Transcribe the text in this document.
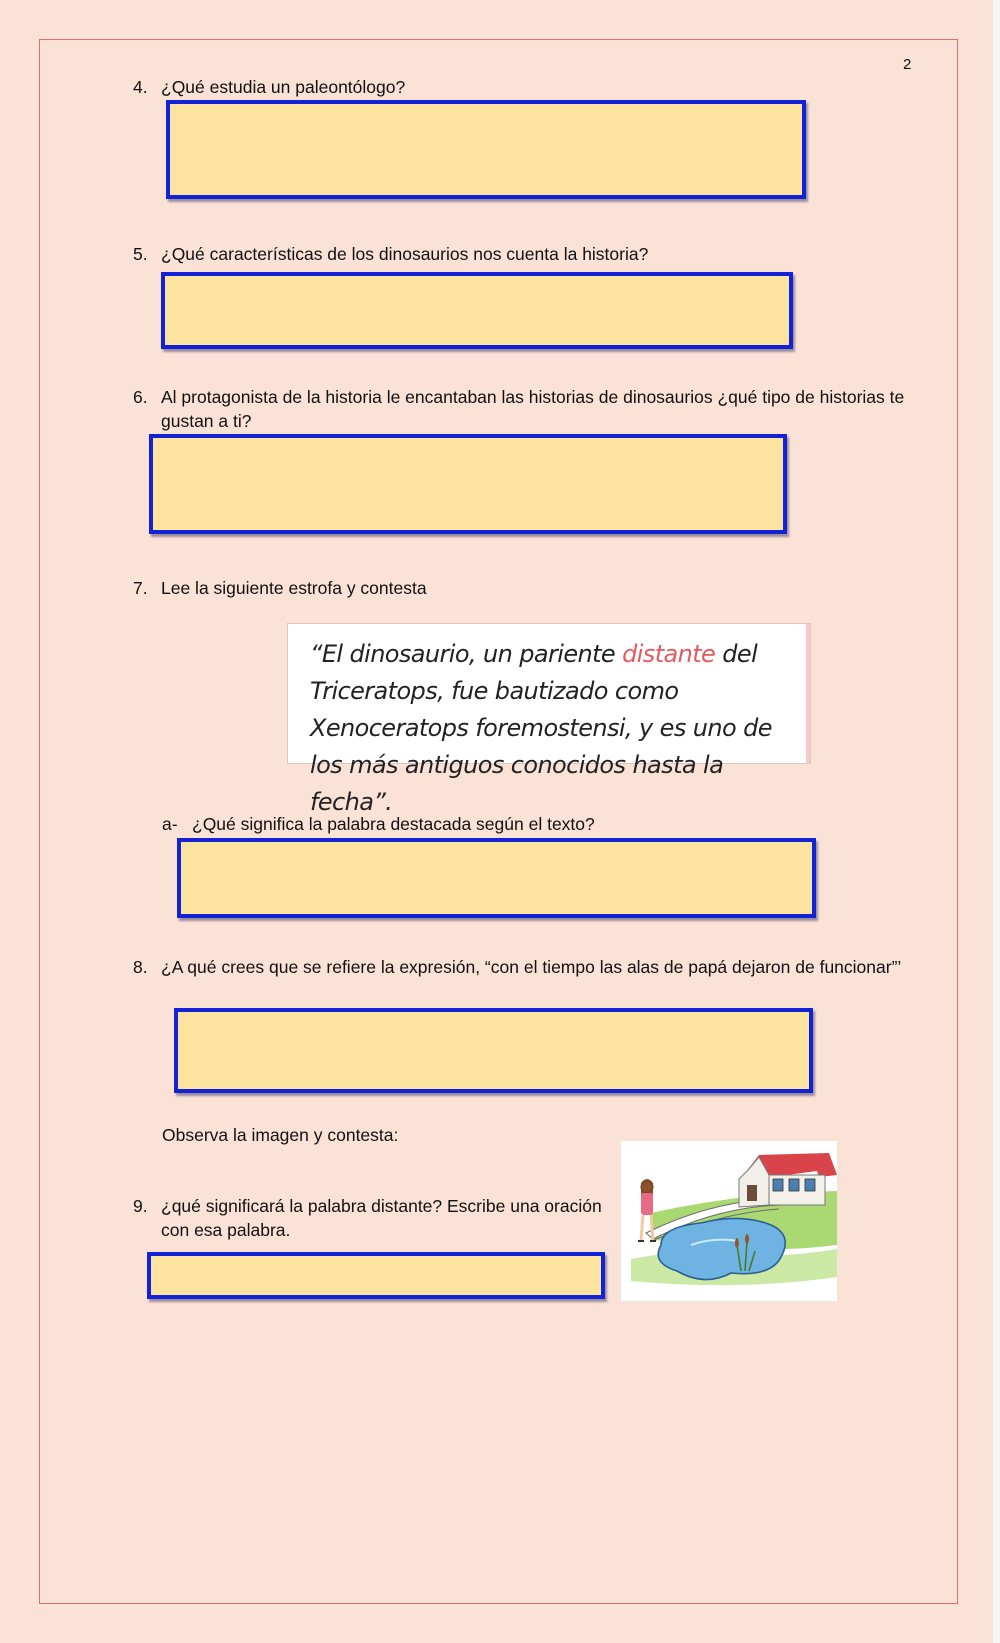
2
4. ¿Qué estudia un paleontólogo?
5. ¿Qué características de los dinosaurios nos cuenta la historia?
6. Al protagonista de la historia le encantaban las historias de dinosaurios ¿qué tipo de historias te gustan a ti?
7. Lee la siguiente estrofa y contesta
“El dinosaurio, un pariente distante del Triceratops, fue bautizado como Xenoceratops foremostensi, y es uno de los más antiguos conocidos hasta la fecha”.
a- ¿Qué significa la palabra destacada según el texto?
8. ¿A qué crees que se refiere la expresión, “con el tiempo las alas de papá dejaron de funcionar”’
Observa la imagen y contesta:
9. ¿qué significará la palabra distante? Escribe una oración con esa palabra.
